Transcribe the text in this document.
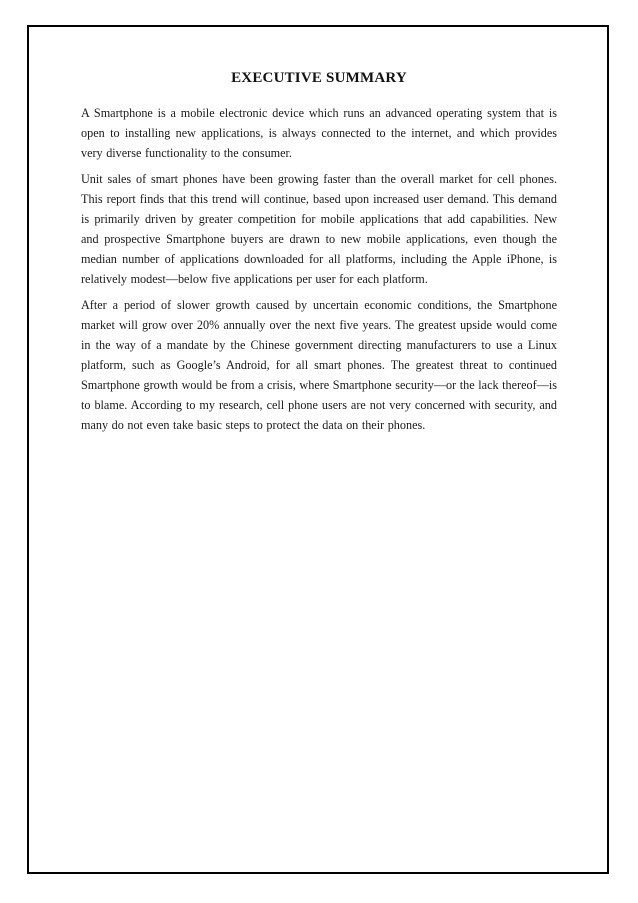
EXECUTIVE SUMMARY

A Smartphone is a mobile electronic device which runs an advanced operating system that is open to installing new applications, is always connected to the internet, and which provides very diverse functionality to the consumer.

Unit sales of smart phones have been growing faster than the overall market for cell phones. This report finds that this trend will continue, based upon increased user demand. This demand is primarily driven by greater competition for mobile applications that add capabilities. New and prospective Smartphone buyers are drawn to new mobile applications, even though the median number of applications downloaded for all platforms, including the Apple iPhone, is relatively modest—below five applications per user for each platform.

After a period of slower growth caused by uncertain economic conditions, the Smartphone market will grow over 20% annually over the next five years. The greatest upside would come in the way of a mandate by the Chinese government directing manufacturers to use a Linux platform, such as Google’s Android, for all smart phones. The greatest threat to continued Smartphone growth would be from a crisis, where Smartphone security—or the lack thereof—is to blame. According to my research, cell phone users are not very concerned with security, and many do not even take basic steps to protect the data on their phones.
